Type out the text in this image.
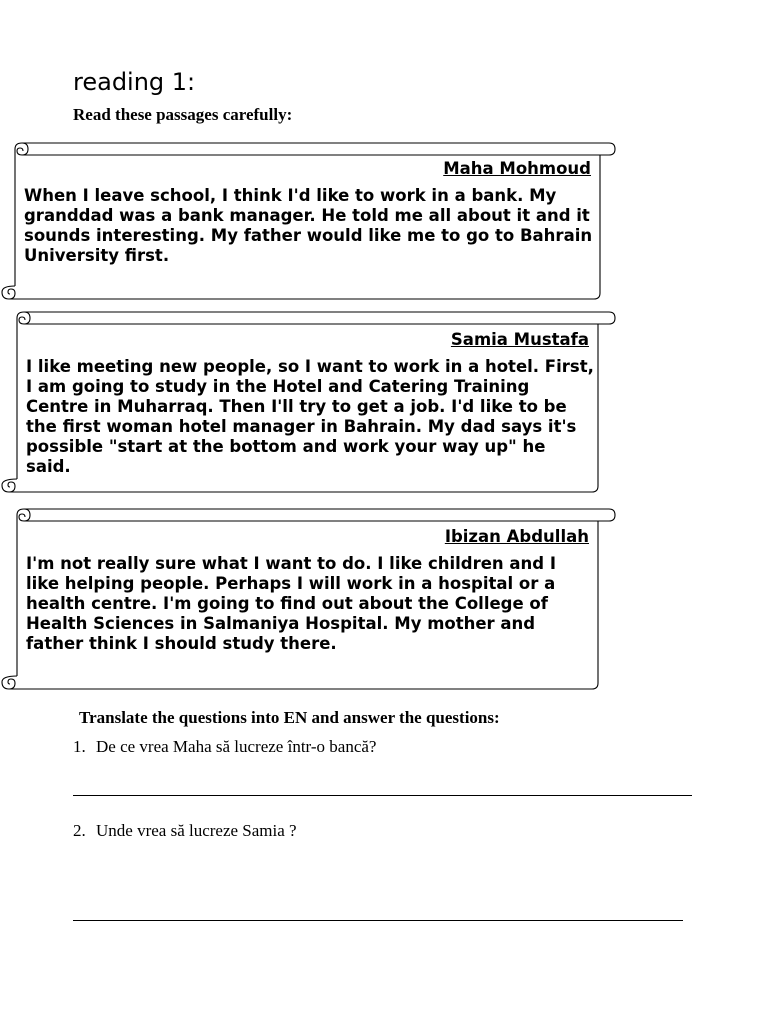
reading 1:
Read these passages carefully:
Maha Mohmoud
When I leave school, I think I'd like to work in a bank. My granddad was a bank manager. He told me all about it and it sounds interesting. My father would like me to go to Bahrain University first.
Samia Mustafa
I like meeting new people, so I want to work in a hotel. First, I am going to study in the Hotel and Catering Training Centre in Muharraq. Then I'll try to get a job. I'd like to be the first woman hotel manager in Bahrain. My dad says it's possible "start at the bottom and work your way up" he said.
Ibizan Abdullah
I'm not really sure what I want to do. I like children and I like helping people. Perhaps I will work in a hospital or a health centre. I'm going to find out about the College of Health Sciences in Salmaniya Hospital. My mother and father think I should study there.
Translate the questions into EN and answer the questions:
1. De ce vrea Maha să lucreze într-o bancă?
2. Unde vrea să lucreze Samia ?
